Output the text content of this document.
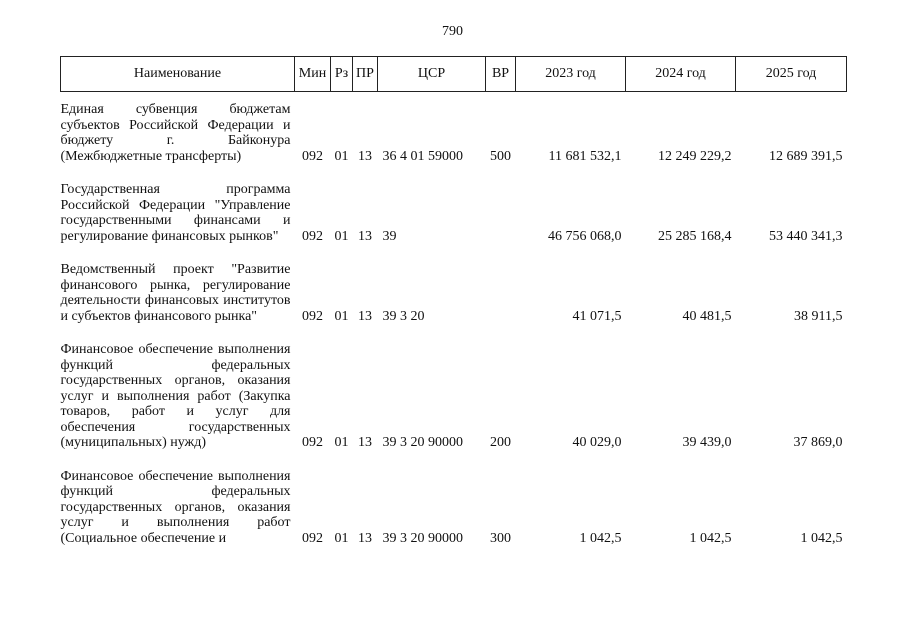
790
Наименование	Мин	Рз	ПР	ЦСР	ВР	2023 год	2024 год	2025 год
Единая субвенция бюджетам субъектов Российской Федерации и бюджету г. Байконура (Межбюджетные трансферты)	092	01	13	36 4 01 59000	500	11 681 532,1	12 249 229,2	12 689 391,5
Государственная программа Российской Федерации "Управление государственными финансами и регулирование финансовых рынков"	092	01	13	39		46 756 068,0	25 285 168,4	53 440 341,3
Ведомственный проект "Развитие финансового рынка, регулирование деятельности финансовых институтов и субъектов финансового рынка"	092	01	13	39 3 20		41 071,5	40 481,5	38 911,5
Финансовое обеспечение выполнения функций федеральных государственных органов, оказания услуг и выполнения работ (Закупка товаров, работ и услуг для обеспечения государственных (муниципальных) нужд)	092	01	13	39 3 20 90000	200	40 029,0	39 439,0	37 869,0
Финансовое обеспечение выполнения функций федеральных государственных органов, оказания услуг и выполнения работ (Социальное обеспечение и	092	01	13	39 3 20 90000	300	1 042,5	1 042,5	1 042,5
